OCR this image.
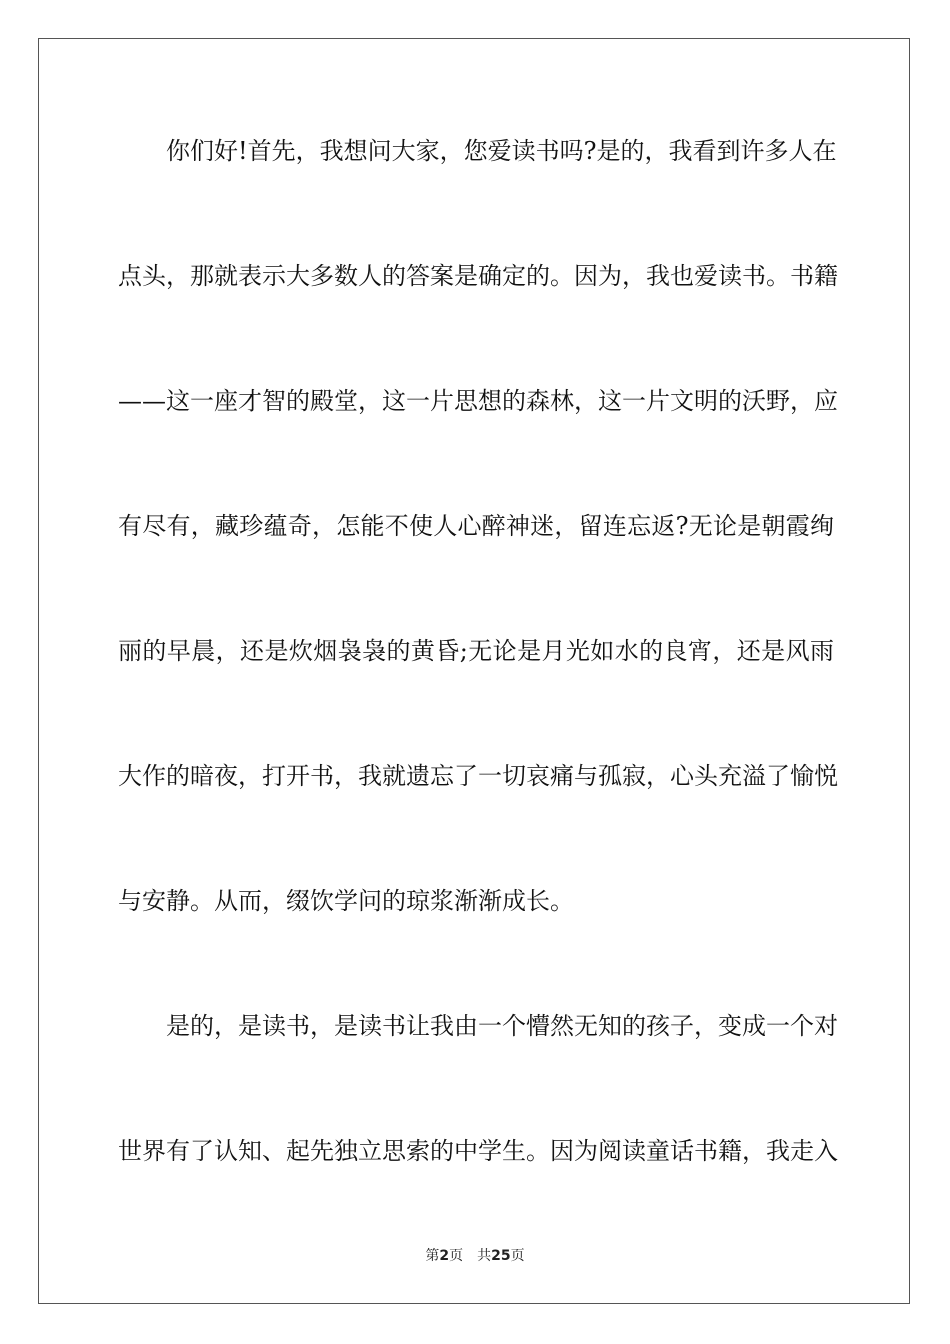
你们好!首先，我想问大家，您爱读书吗?是的，我看到许多人在
点头，那就表示大多数人的答案是确定的。因为，我也爱读书。书籍
——这一座才智的殿堂，这一片思想的森林，这一片文明的沃野，应
有尽有，藏珍蕴奇，怎能不使人心醉神迷，留连忘返?无论是朝霞绚
丽的早晨，还是炊烟袅袅的黄昏;无论是月光如水的良宵，还是风雨
大作的暗夜，打开书，我就遗忘了一切哀痛与孤寂，心头充溢了愉悦
与安静。从而，缀饮学问的琼浆渐渐成长。
是的，是读书，是读书让我由一个懵然无知的孩子，变成一个对
世界有了认知、起先独立思索的中学生。因为阅读童话书籍，我走入
第2页 共25页
